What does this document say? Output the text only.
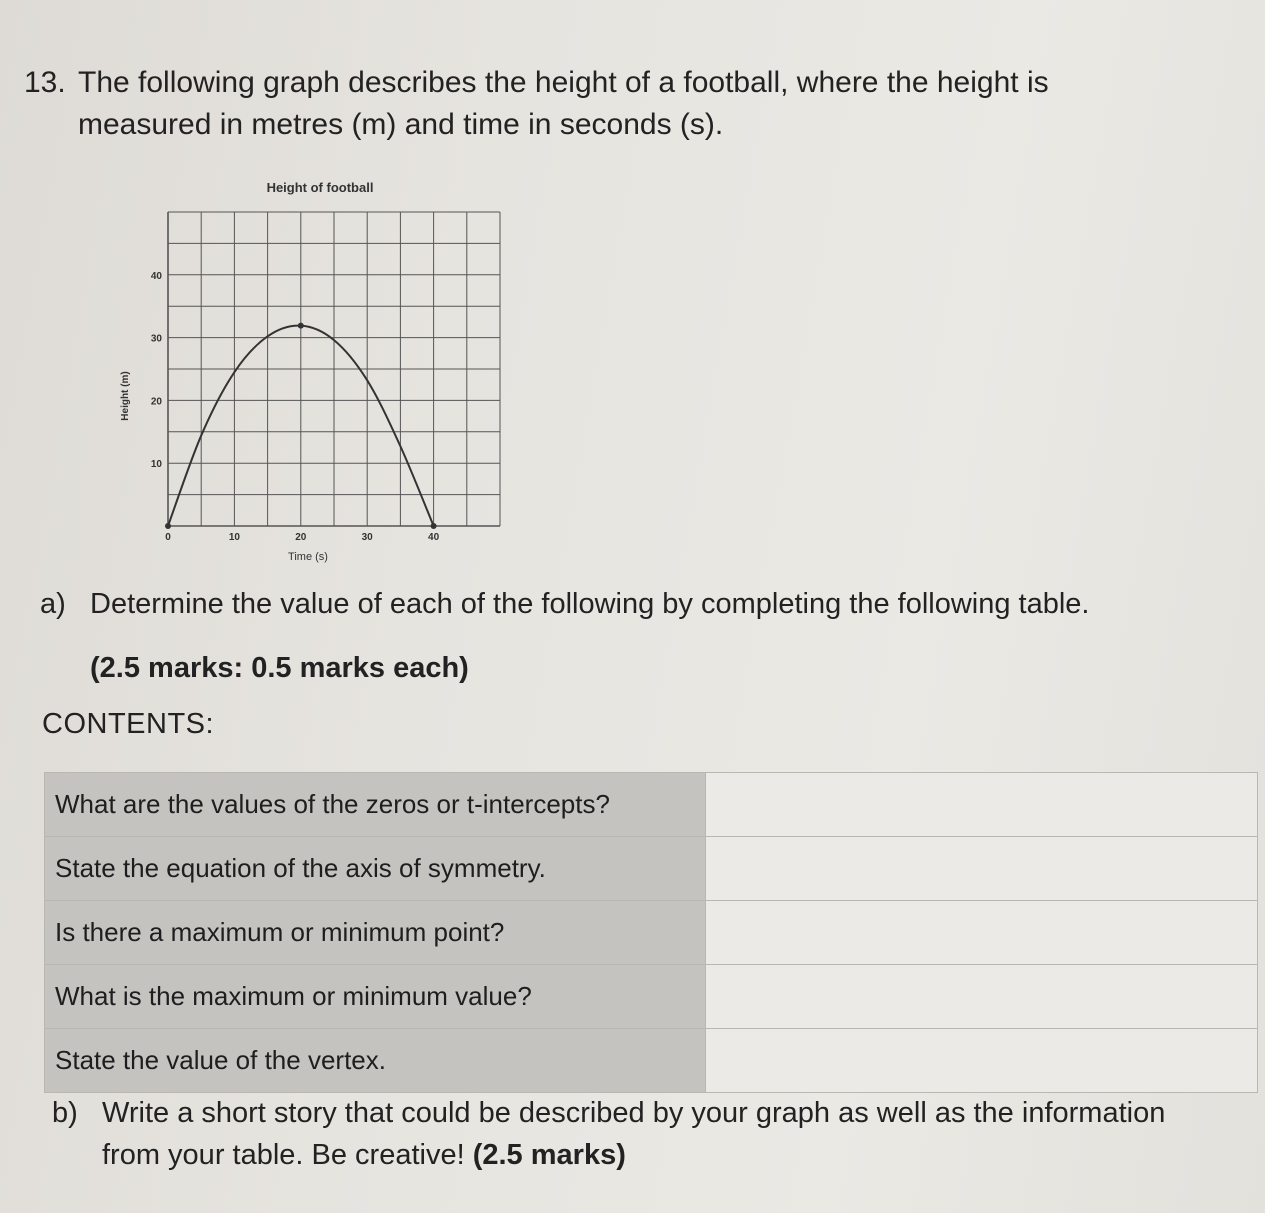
13. The following graph describes the height of a football, where the height is measured in metres (m) and time in seconds (s).
Height of football
0	10	20	30	40
10
20
30
40
Time (s)
Height (m)
a) Determine the value of each of the following by completing the following table.
(2.5 marks: 0.5 marks each)
CONTENTS:
What are the values of the zeros or t-intercepts?	
State the equation of the axis of symmetry.	
Is there a maximum or minimum point?	
What is the maximum or minimum value?	
State the value of the vertex.	
b) Write a short story that could be described by your graph as well as the information from your table. Be creative! (2.5 marks)
